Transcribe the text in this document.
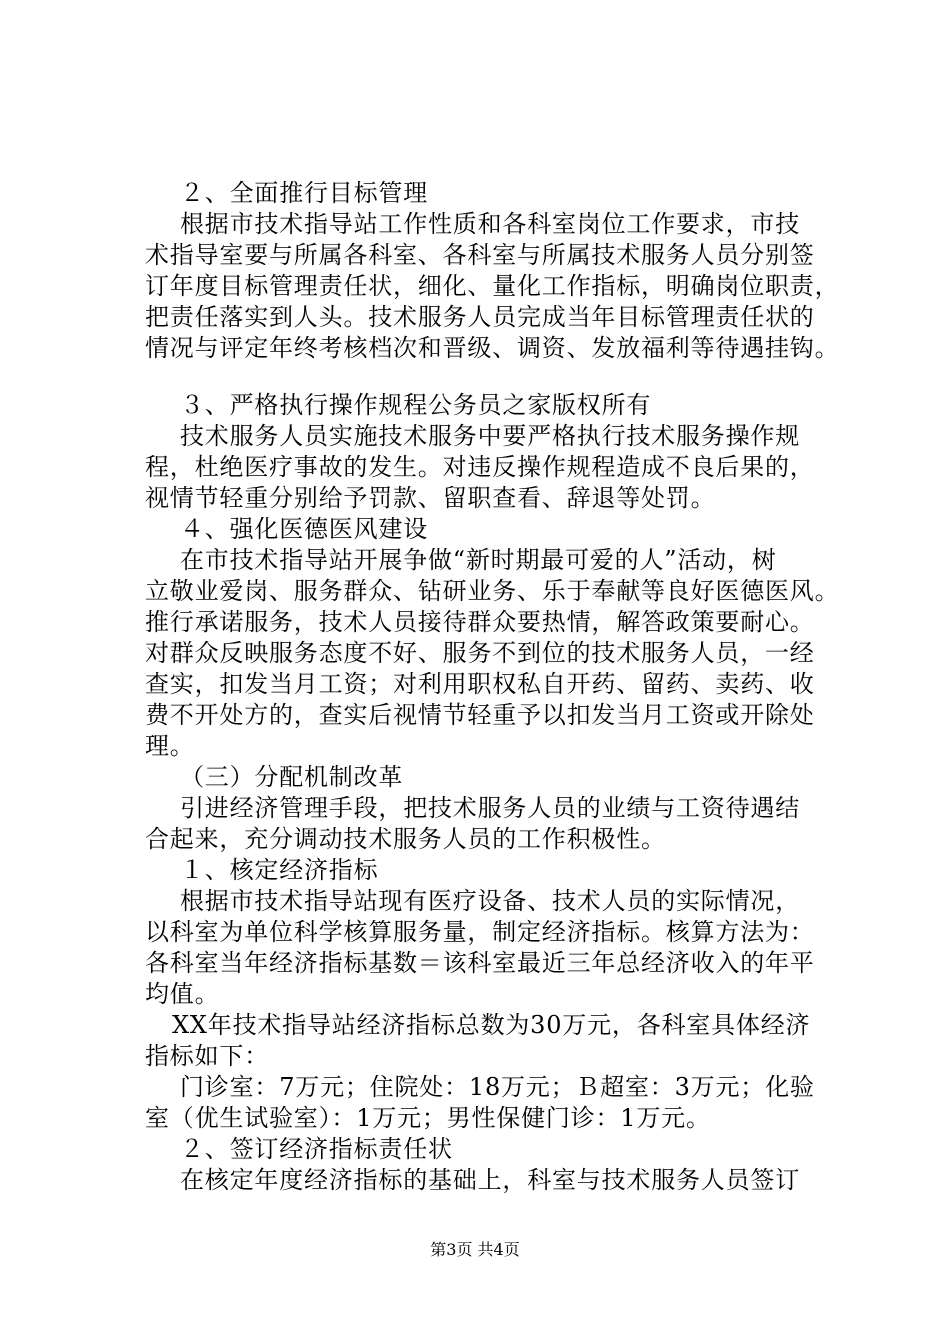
２、全面推行目标管理
根据市技术指导站工作性质和各科室岗位工作要求，市技
术指导室要与所属各科室、各科室与所属技术服务人员分别签
订年度目标管理责任状，细化、量化工作指标，明确岗位职责，
把责任落实到人头。技术服务人员完成当年目标管理责任状的
情况与评定年终考核档次和晋级、调资、发放福利等待遇挂钩。
３、严格执行操作规程公务员之家版权所有
技术服务人员实施技术服务中要严格执行技术服务操作规
程，杜绝医疗事故的发生。对违反操作规程造成不良后果的，
视情节轻重分别给予罚款、留职查看、辞退等处罚。
４、强化医德医风建设
在市技术指导站开展争做“新时期最可爱的人”活动，树
立敬业爱岗、服务群众、钻研业务、乐于奉献等良好医德医风。
推行承诺服务，技术人员接待群众要热情，解答政策要耐心。
对群众反映服务态度不好、服务不到位的技术服务人员，一经
查实，扣发当月工资；对利用职权私自开药、留药、卖药、收
费不开处方的，查实后视情节轻重予以扣发当月工资或开除处
理。
（三）分配机制改革
引进经济管理手段，把技术服务人员的业绩与工资待遇结
合起来，充分调动技术服务人员的工作积极性。
１、核定经济指标
根据市技术指导站现有医疗设备、技术人员的实际情况，
以科室为单位科学核算服务量，制定经济指标。核算方法为：
各科室当年经济指标基数＝该科室最近三年总经济收入的年平
均值。
XX年技术指导站经济指标总数为30万元，各科室具体经济
指标如下：
门诊室：7万元；住院处：18万元；Ｂ超室：3万元；化验
室（优生试验室）：1万元；男性保健门诊：1万元。
２、签订经济指标责任状
在核定年度经济指标的基础上，科室与技术服务人员签订
第3页 共4页
